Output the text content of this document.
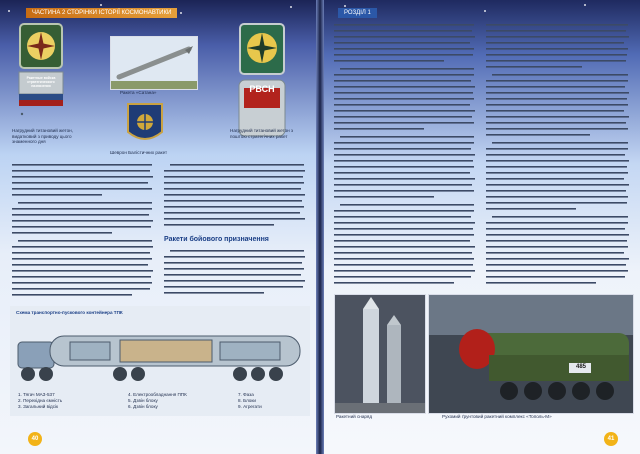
ЧАСТИНА 2 СТОРІНКИ ІСТОРІЇ КОСМОНАВТИКИ
Ракетные войска стратегического назначения
Нагрудний титановий жетон, видатковий з приводу цього знаменного дня
Ракета «Сатана»
Шеврон Балістичних ракет
РВСН
Нагрудний титановий жетон з поштою стратегічних ракет
Ракети бойового призначення
Схема транспортно-пускового контейнера ТПК
1. Тягач МАЗ-537
2. Перехідна ємність
3. Загальний відсік
4. Електрообладнання ППК
5. Дзвін блоку
6. Дзвін блоку
7. Фаза
8. Блоки
9. Агрегати
40
РОЗДІЛ 1
Ракетний снаряд
485
Рухомий ґрунтовий ракетний комплекс «Тополь-М»
41
